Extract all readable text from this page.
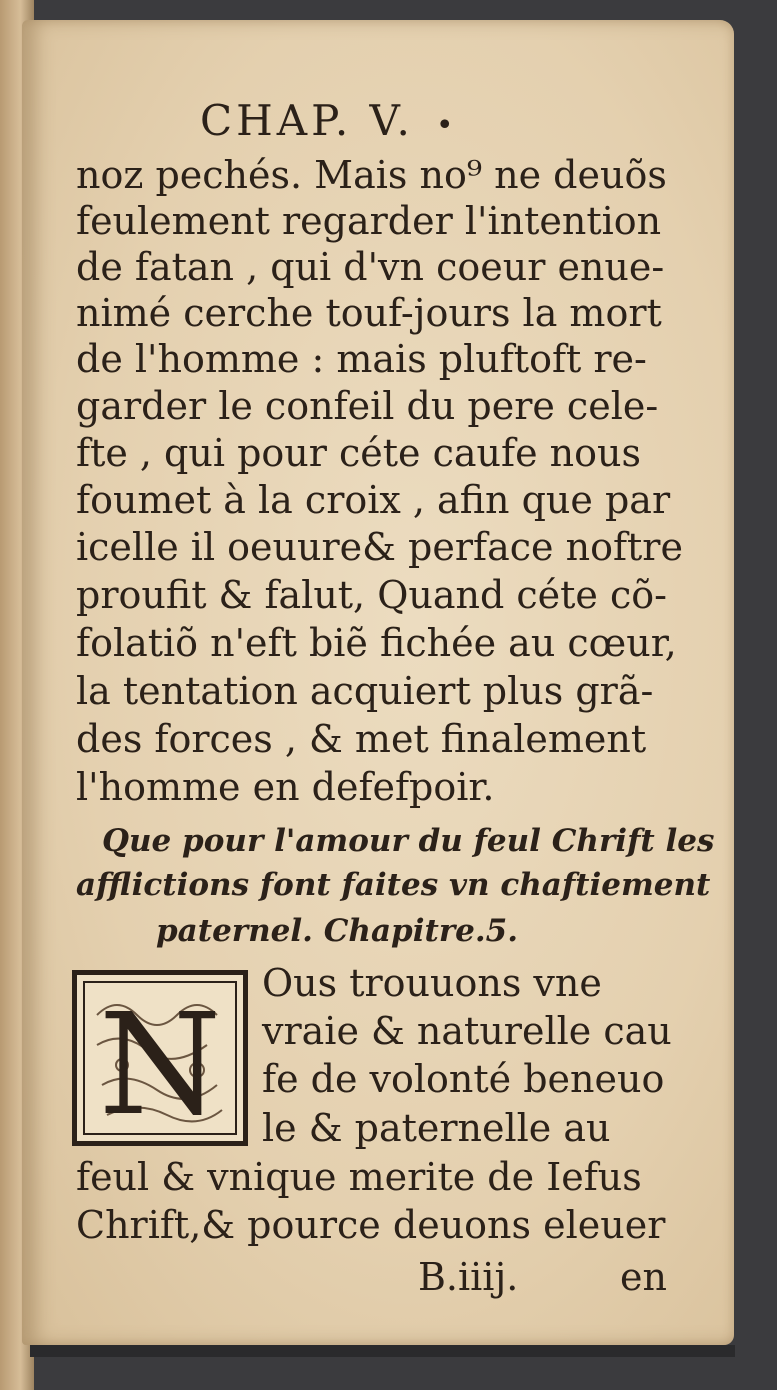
CHAP. V. •
noz pechés. Mais no⁹ ne deuõs
feulement regarder l'intention
de fatan , qui d'vn coeur enue-
nimé cerche touf-jours la mort
de l'homme : mais pluftoft re-
garder le confeil du pere cele-
fte , qui pour céte caufe nous
foumet à la croix , afin que par
icelle il oeuure& perface noftre
proufit & falut, Quand céte cõ-
folatiõ n'eft biẽ fichée au cœur,
la tentation acquiert plus grã-
des forces , & met finalement
l'homme en defefpoir.
Que pour l'amour du feul Chrift les
afflictions font faites vn chaftiement
paternel. Chapitre.5.
N
Ous trouuons vne
vraie & naturelle cau
fe de volonté beneuo
le & paternelle au
feul & vnique merite de Iefus
Chrift,& pource deuons eleuer
B.iiij.	en
